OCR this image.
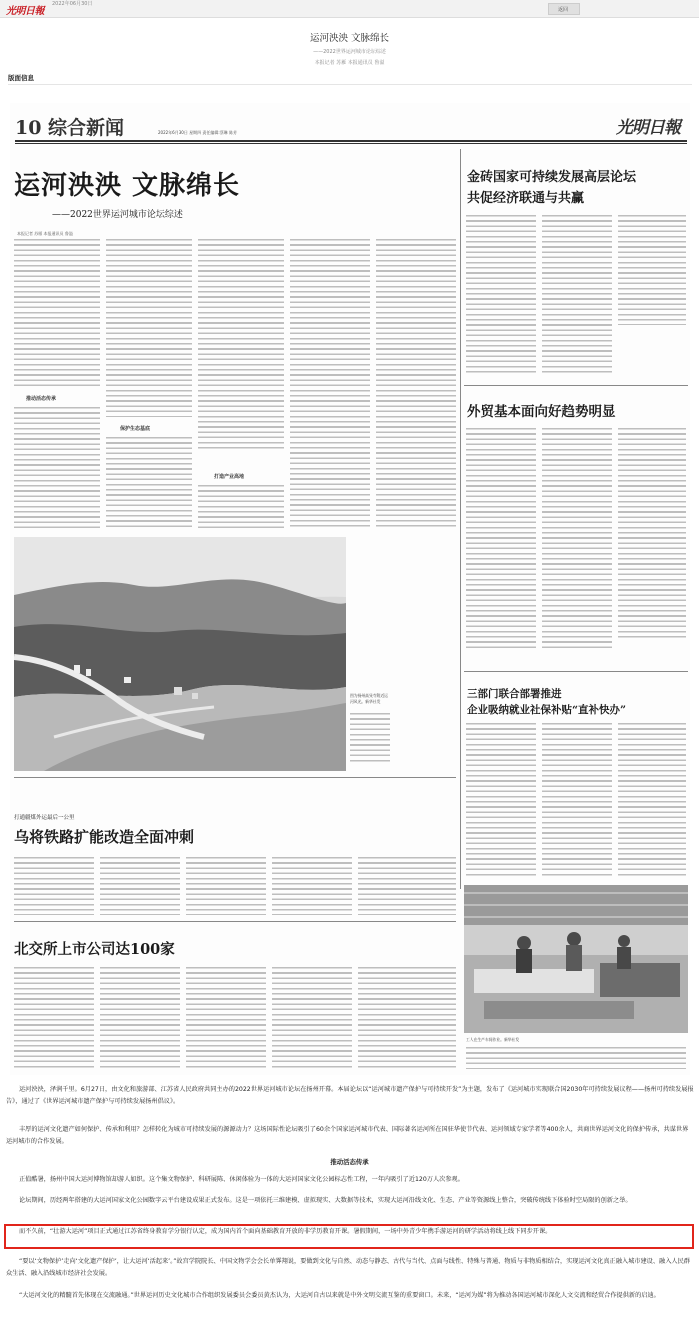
光明日報
2022年06月30日
返回
运河泱泱 文脉绵长
——2022世界运河城市论坛综述
本报记者 苏雁 本报通讯员 鲁溢
版面信息
10 综合新闻	2022年6月30日 星期四 责任编辑:蔡琳 陈芳	光明日報
运河泱泱 文脉绵长
——2022世界运河城市论坛综述
本报记者 苏雁 本报通讯员 鲁溢
推动活态传承
保护生态基底
打造产业高地
图为扬州高旻寺附近运河风光。新华社发
打通疆煤外运最后一公里
乌将铁路扩能改造全面冲刺
北交所上市公司达100家
金砖国家可持续发展高层论坛
共促经济联通与共赢
外贸基本面向好趋势明显
三部门联合部署推进
企业吸纳就业社保补贴“直补快办”
工人在生产车间作业。新华社发

运河泱泱，泽润千里。6月27日，由文化和旅游部、江苏省人民政府共同主办的2022世界运河城市论坛在扬州开幕。本届论坛以“运河城市遗产保护与可持续开发”为主题，发布了《运河城市实现联合国2030年可持续发展议程——扬州可持续发展报告》，通过了《世界运河城市遗产保护与可持续发展扬州倡议》。

丰厚的运河文化遗产如何保护、传承和利用？怎样转化为城市可持续发展的源源动力？这场国际性论坛吸引了60余个国家运河城市代表、国际著名运河所在国驻华使节代表、运河领域专家学者等400余人，共商世界运河文化的保护传承，共谋世界运河城市的合作发展。

推动活态传承

正值酷暑，扬州中国大运河博物馆却游人如织。这个集文物保护、科研展陈、休闲体验为一体的大运河国家文化公园标志性工程，一年内吸引了近120万人次参观。

论坛期间，历经两年搭建的大运河国家文化公园数字云平台建设成果正式发布。这是一项依托三维建模、虚拟现实、大数据等技术，实现大运河沿线文化、生态、产业等资源线上整合，突破传统线下体验时空局限的创新之举。

而不久前，“壮游大运河”项目正式通过江苏省终身教育学分银行认定，成为国内首个面向基础教育开放的非学历教育开课。暑假期间，一场中外青少年携手游运河的研学活动将线上线下同步开课。

“要以‘文物保护’走向‘文化遗产保护’，让大运河‘活起来’。”故宫学院院长、中国文物学会会长单霁翔说，要做到文化与自然、动态与静态、古代与当代、点面与线性、特殊与普通、物质与非物质相结合，实现运河文化真正融入城市建设、融入人民群众生活、融入沿线城市经济社会发展。

“大运河文化的精髓首先体现在交流融通。”世界运河历史文化城市合作组织发展委员会委员黄杰认为，大运河自古以来就是中外文明交流互鉴的重要窗口。未来，“运河为媒”将为推动各国运河城市深化人文交流和经贸合作提供新的启迪。
